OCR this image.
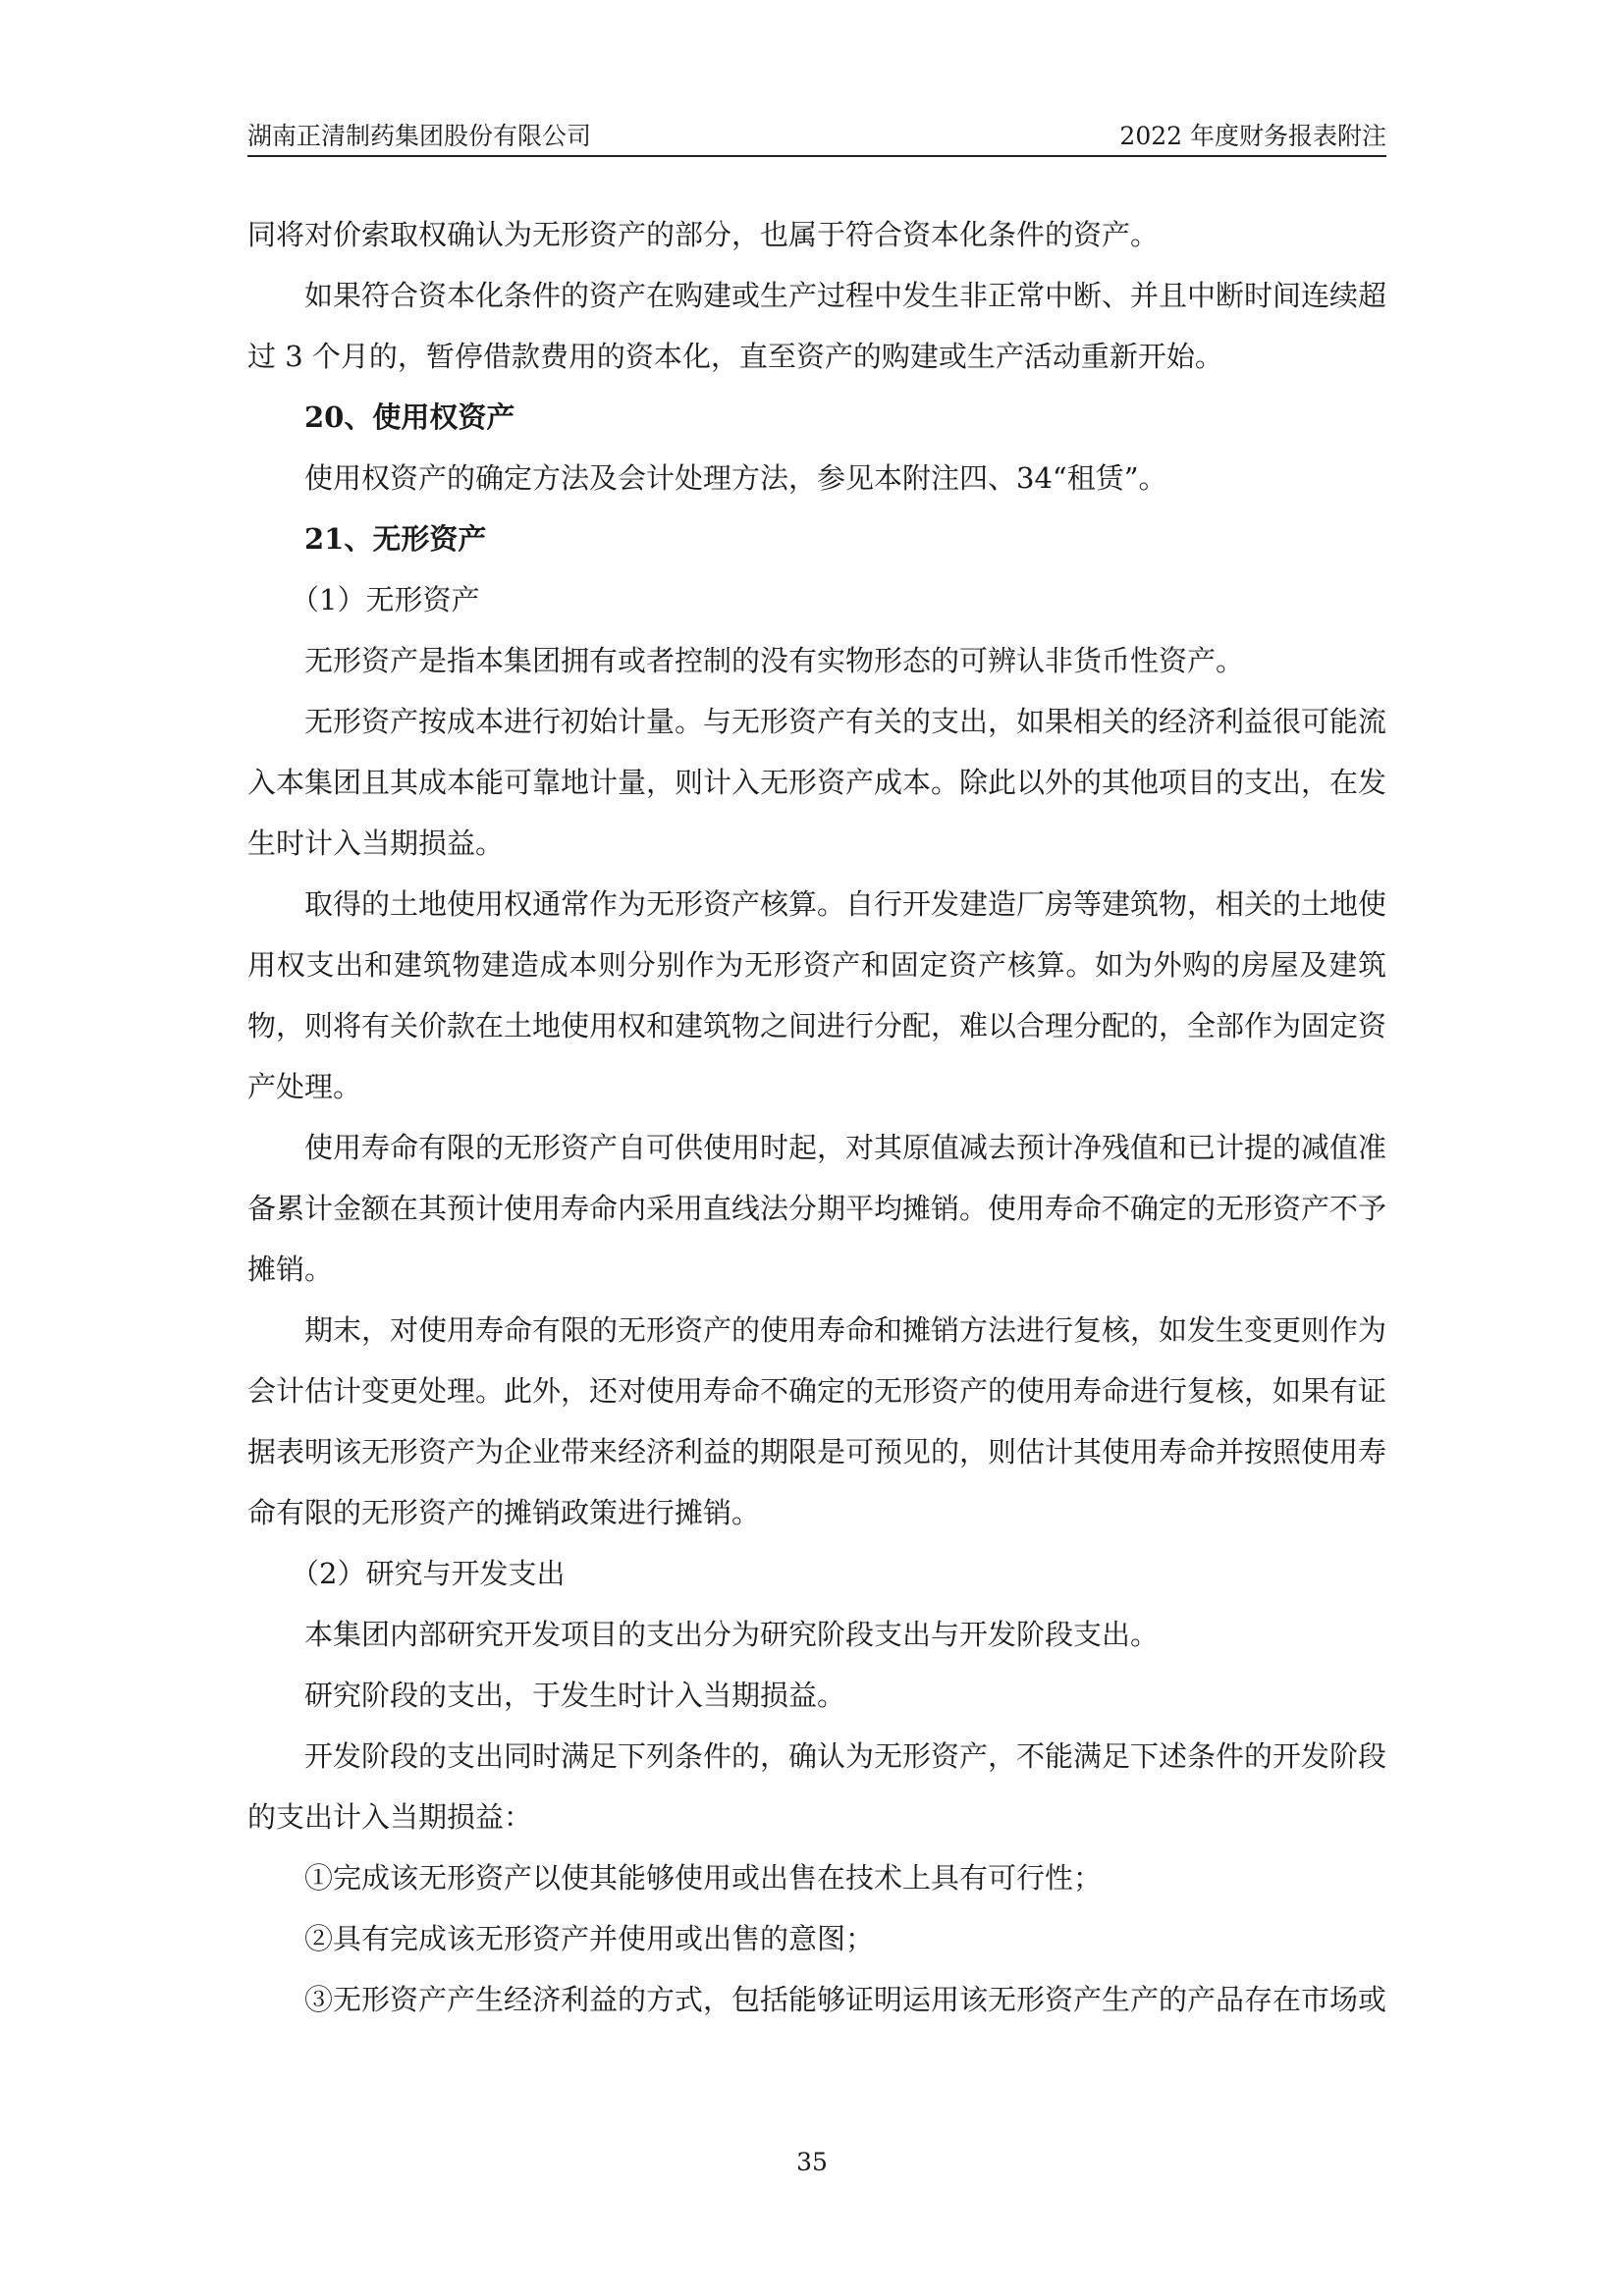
湖南正清制药集团股份有限公司	2022 年度财务报表附注

同将对价索取权确认为无形资产的部分，也属于符合资本化条件的资产。

如果符合资本化条件的资产在购建或生产过程中发生非正常中断、并且中断时间连续超过 3 个月的，暂停借款费用的资本化，直至资产的购建或生产活动重新开始。

20、使用权资产

使用权资产的确定方法及会计处理方法，参见本附注四、34“租赁”。

21、无形资产

（1）无形资产

无形资产是指本集团拥有或者控制的没有实物形态的可辨认非货币性资产。

无形资产按成本进行初始计量。与无形资产有关的支出，如果相关的经济利益很可能流入本集团且其成本能可靠地计量，则计入无形资产成本。除此以外的其他项目的支出，在发生时计入当期损益。

取得的土地使用权通常作为无形资产核算。自行开发建造厂房等建筑物，相关的土地使用权支出和建筑物建造成本则分别作为无形资产和固定资产核算。如为外购的房屋及建筑物，则将有关价款在土地使用权和建筑物之间进行分配，难以合理分配的，全部作为固定资产处理。

使用寿命有限的无形资产自可供使用时起，对其原值减去预计净残值和已计提的减值准备累计金额在其预计使用寿命内采用直线法分期平均摊销。使用寿命不确定的无形资产不予摊销。

期末，对使用寿命有限的无形资产的使用寿命和摊销方法进行复核，如发生变更则作为会计估计变更处理。此外，还对使用寿命不确定的无形资产的使用寿命进行复核，如果有证据表明该无形资产为企业带来经济利益的期限是可预见的，则估计其使用寿命并按照使用寿命有限的无形资产的摊销政策进行摊销。

（2）研究与开发支出

本集团内部研究开发项目的支出分为研究阶段支出与开发阶段支出。

研究阶段的支出，于发生时计入当期损益。

开发阶段的支出同时满足下列条件的，确认为无形资产，不能满足下述条件的开发阶段的支出计入当期损益：

①完成该无形资产以使其能够使用或出售在技术上具有可行性；

②具有完成该无形资产并使用或出售的意图；

③无形资产产生经济利益的方式，包括能够证明运用该无形资产生产的产品存在市场或

35
